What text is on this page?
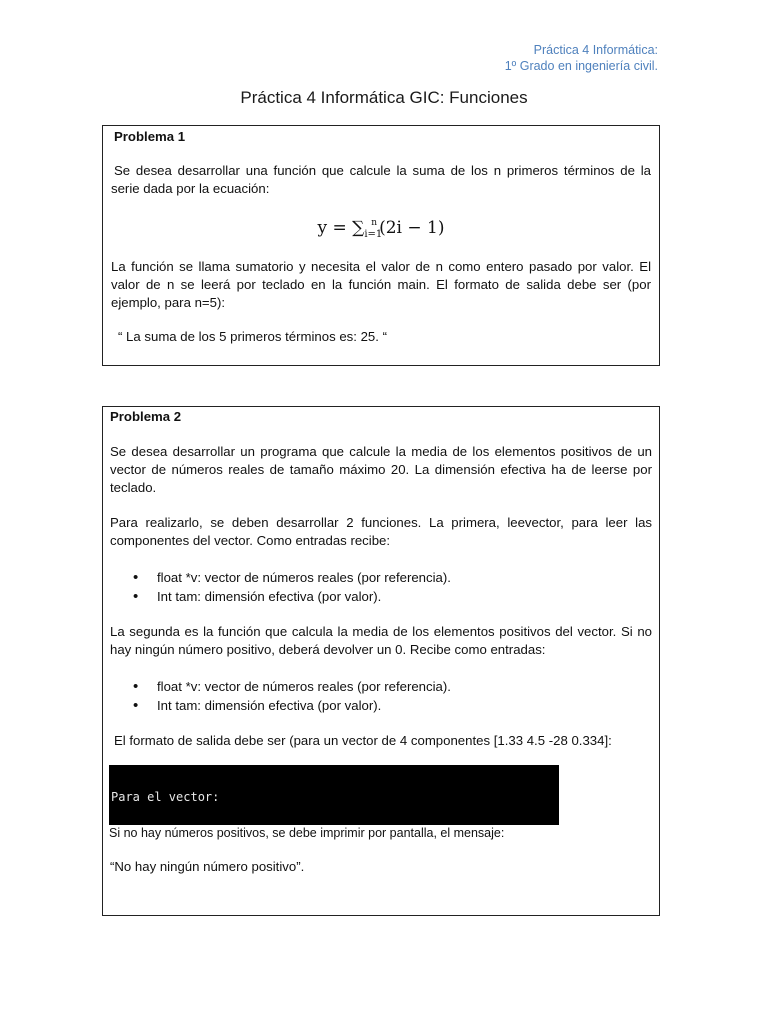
Práctica 4 Informática:
1º Grado en ingeniería civil.
Práctica 4 Informática GIC: Funciones
Problema 1
Se desea desarrollar una función que calcule la suma de los n primeros términos de la serie dada por la ecuación:
$y = \sum_{i=1}^n$ (2i − 1)
La función se llama sumatorio y necesita el valor de n como entero pasado por valor. El valor de n se leerá por teclado en la función main. El formato de salida debe ser (por ejemplo, para n=5):
“ La suma de los 5 primeros términos es: 25. “
Problema 2
Se desea desarrollar un programa que calcule la media de los elementos positivos de un vector de números reales de tamaño máximo 20. La dimensión efectiva ha de leerse por teclado.
Para realizarlo, se deben desarrollar 2 funciones. La primera, leevector, para leer las componentes del vector. Como entradas recibe:
• float *v: vector de números reales (por referencia).
• Int tam: dimensión efectiva (por valor).
La segunda es la función que calcula la media de los elementos positivos del vector. Si no hay ningún número positivo, deberá devolver un 0. Recibe como entradas:
• float *v: vector de números reales (por referencia).
• Int tam: dimensión efectiva (por valor).
El formato de salida debe ser (para un vector de 4 componentes [1.33 4.5 -28 0.334]:

Para el vector:

Si no hay números positivos, se debe imprimir por pantalla, el mensaje:
“No hay ningún número positivo”.
